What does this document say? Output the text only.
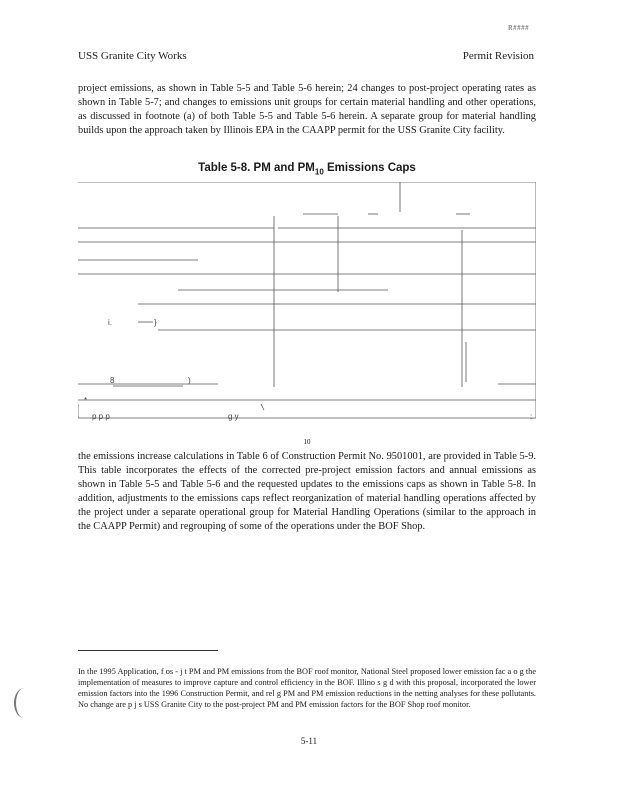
R####
USS Granite City Works	Permit Revision
project emissions, as shown in Table 5-5 and Table 5-6 herein; 24 changes to post-project operating rates as shown in Table 5-7; and changes to emissions unit groups for certain material handling and other operations, as discussed in footnote (a) of both Table 5-5 and Table 5-6 herein. A separate group for material handling builds upon the approach taken by Illinois EPA in the CAAPP permit for the USS Granite City facility.
Table 5-8. PM and $PM_{10}$ Emissions Caps
i.	}
8	)
*
p p p	g y	:
10
the emissions increase calculations in Table 6 of Construction Permit No. 9501001, are provided in Table 5-9. This table incorporates the effects of the corrected pre-project emission factors and annual emissions as shown in Table 5-5 and Table 5-6 and the requested updates to the emissions caps as shown in Table 5-8. In addition, adjustments to the emissions caps reflect reorganization of material handling operations affected by the project under a separate operational group for Material Handling Operations (similar to the approach in the CAAPP Permit) and regrouping of some of the operations under the BOF Shop.
In the 1995 Application, f os - j t PM and PM emissions from the BOF roof monitor, National Steel proposed lower emission fac a o g the implementation of measures to improve capture and control efficiency in the BOF. Illino s g d with this proposal, incorporated the lower emission factors into the 1996 Construction Permit, and rel g PM and PM emission reductions in the netting analyses for these pollutants. No change are p j s USS Granite City to the post-project PM and PM emission factors for the BOF Shop roof monitor.
5-11
